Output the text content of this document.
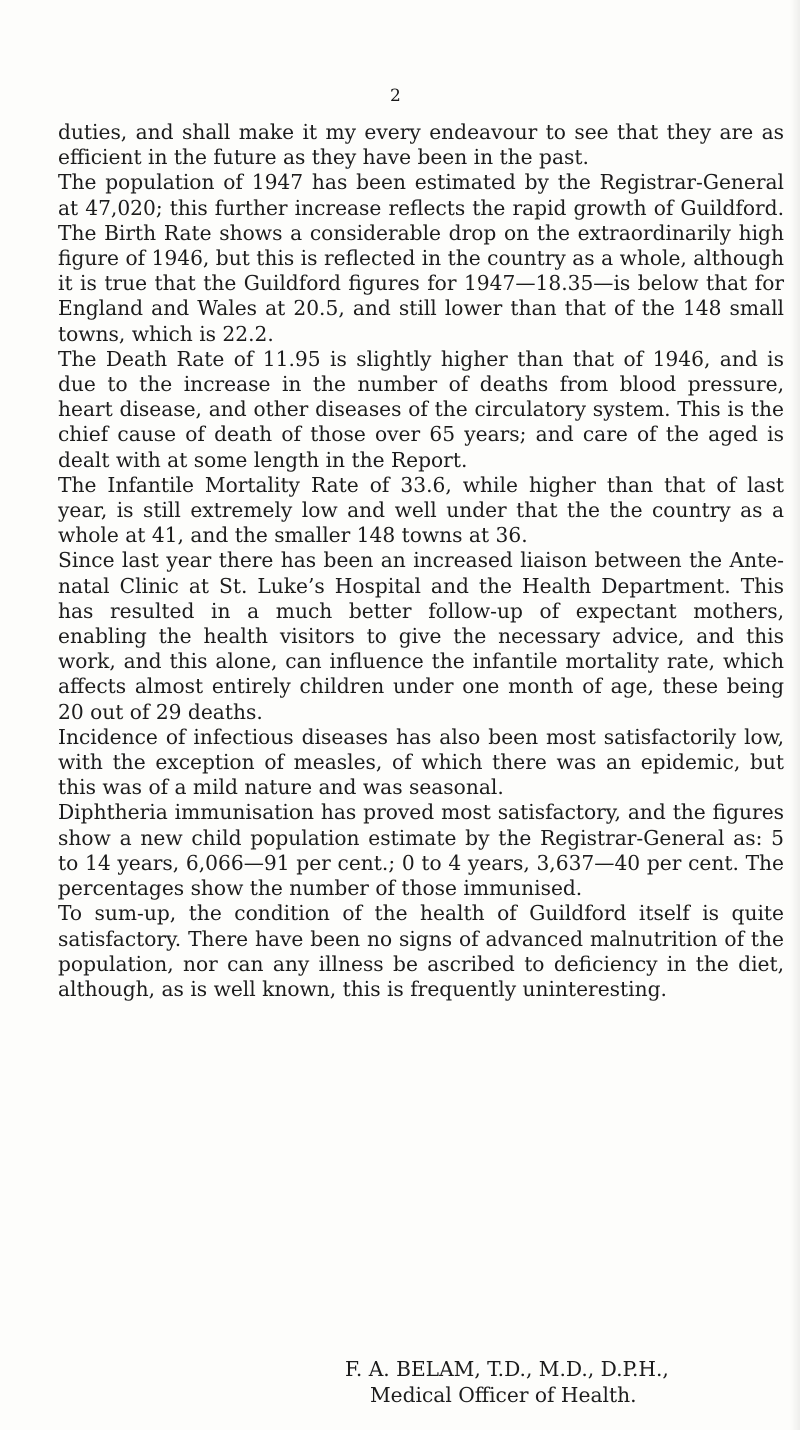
2

duties, and shall make it my every endeavour to see that they are as efficient in the future as they have been in the past.

The population of 1947 has been estimated by the Registrar-General at 47,020; this further increase reflects the rapid growth of Guildford. The Birth Rate shows a considerable drop on the extraordinarily high figure of 1946, but this is reflected in the country as a whole, although it is true that the Guildford figures for 1947—18.35—is below that for England and Wales at 20.5, and still lower than that of the 148 small towns, which is 22.2.

The Death Rate of 11.95 is slightly higher than that of 1946, and is due to the increase in the number of deaths from blood pressure, heart disease, and other diseases of the circulatory system. This is the chief cause of death of those over 65 years; and care of the aged is dealt with at some length in the Report.

The Infantile Mortality Rate of 33.6, while higher than that of last year, is still extremely low and well under that the the country as a whole at 41, and the smaller 148 towns at 36.

Since last year there has been an increased liaison between the Ante-natal Clinic at St. Luke’s Hospital and the Health Department. This has resulted in a much better follow-up of expectant mothers, enabling the health visitors to give the necessary advice, and this work, and this alone, can influence the infantile mortality rate, which affects almost entirely children under one month of age, these being 20 out of 29 deaths.

Incidence of infectious diseases has also been most satisfactorily low, with the exception of measles, of which there was an epidemic, but this was of a mild nature and was seasonal.

Diphtheria immunisation has proved most satisfactory, and the figures show a new child population estimate by the Registrar-General as: 5 to 14 years, 6,066—91 per cent.; 0 to 4 years, 3,637—40 per cent. The percentages show the number of those immunised.

To sum-up, the condition of the health of Guildford itself is quite satisfactory. There have been no signs of advanced malnutrition of the population, nor can any illness be ascribed to deficiency in the diet, although, as is well known, this is frequently uninteresting.

F. A. BELAM, T.D., M.D., D.P.H.,
Medical Officer of Health.
